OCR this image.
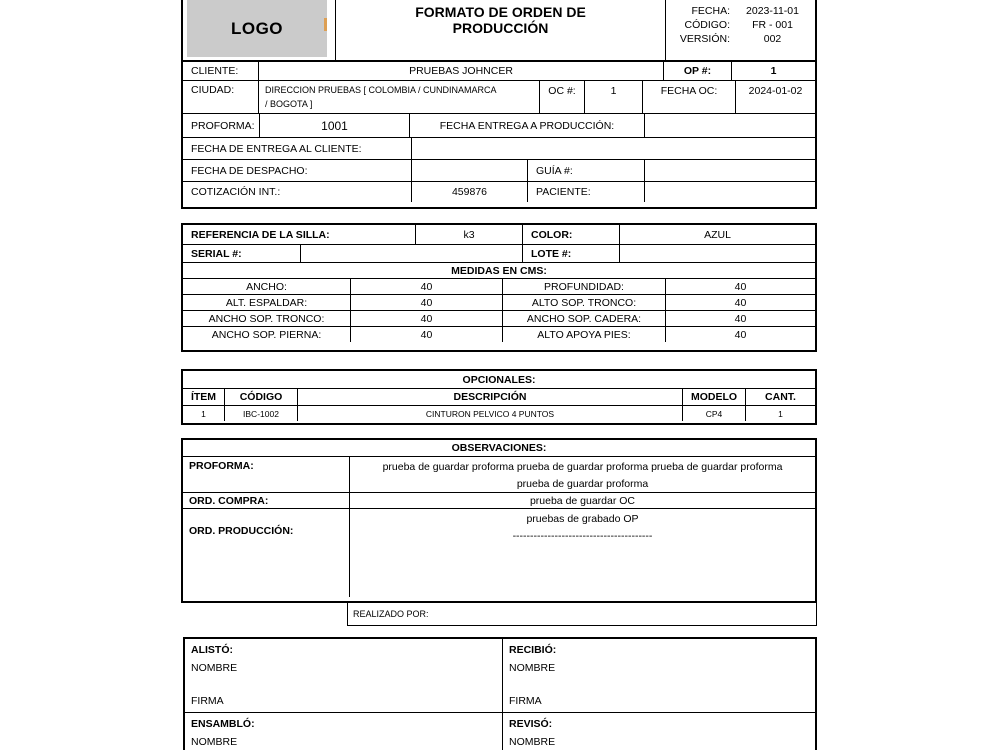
LOGO
FORMATO DE ORDEN DE
PRODUCCIÓN
FECHA:	2023-11-01
CÓDIGO:	FR - 001
VERSIÓN:	002
CLIENTE:	PRUEBAS JOHNCER	OP #:	1
CIUDAD:	DIRECCION PRUEBAS [ COLOMBIA / CUNDINAMARCA
/ BOGOTA ]
OC #:	1	FECHA OC:	2024-01-02
PROFORMA:	1001	FECHA ENTREGA A PRODUCCIÓN:
FECHA DE ENTREGA AL CLIENTE:
FECHA DE DESPACHO:	GUÍA #:
COTIZACIÓN INT.:	459876	PACIENTE:
REFERENCIA DE LA SILLA:	k3	COLOR:	AZUL
SERIAL #:	LOTE #:
MEDIDAS EN CMS:
ANCHO:	40	PROFUNDIDAD:	40
ALT. ESPALDAR:	40	ALTO SOP. TRONCO:	40
ANCHO SOP. TRONCO:	40	ANCHO SOP. CADERA:	40
ANCHO SOP. PIERNA:	40	ALTO APOYA PIES:	40
OPCIONALES:
ÍTEM	CÓDIGO	DESCRIPCIÓN	MODELO	CANT.
1	IBC-1002	CINTURON PELVICO 4 PUNTOS	CP4	1
OBSERVACIONES:
PROFORMA:	prueba de guardar proforma prueba de guardar proforma prueba de guardar proforma
prueba de guardar proforma
ORD. COMPRA:	prueba de guardar OC
ORD. PRODUCCIÓN:
pruebas de grabado OP
----------------------------------------
REALIZADO POR:
ALISTÓ:
NOMBRE
FIRMA
RECIBIÓ:
NOMBRE
FIRMA
ENSAMBLÓ:
NOMBRE
REVISÓ:
NOMBRE
